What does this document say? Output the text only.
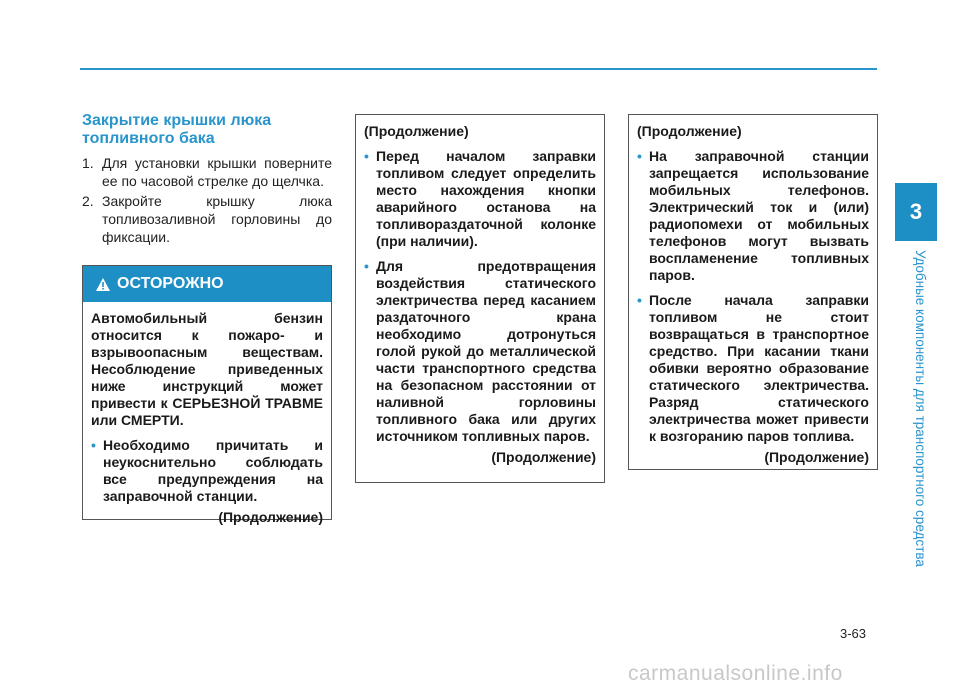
3
Удобные компоненты для транспортного средства
Закрытие крышки люка топливного бака
1. Для установки крышки поверните ее по часовой стрелке до щелчка.
2. Закройте крышку люка топливозаливной горловины до фиксации.
ОСТОРОЖНО

Автомобильный бензин относится к пожаро- и взрывоопасным веществам. Несоблюдение приведенных ниже инструкций может привести к СЕРЬЕЗНОЙ ТРАВМЕ или СМЕРТИ.

• Необходимо причитать и неукоснительно соблюдать все предупреждения на заправочной станции.
(Продолжение)
(Продолжение)
• Перед началом заправки топливом следует определить место нахождения кнопки аварийного останова на топливораздаточной колонке (при наличии).
• Для предотвращения воздействия статического электричества перед касанием раздаточного крана необходимо дотронуться голой рукой до металлической части транспортного средства на безопасном расстоянии от наливной горловины топливного бака или других источником топливных паров.
(Продолжение)
(Продолжение)
• На заправочной станции запрещается использование мобильных телефонов. Электрический ток и (или) радиопомехи от мобильных телефонов могут вызвать воспламенение топливных паров.
• После начала заправки топливом не стоит возвращаться в транспортное средство. При касании ткани обивки вероятно образование статического электричества. Разряд статического электричества может привести к возгоранию паров топлива.
(Продолжение)
3-63
carmanualsonline.info
